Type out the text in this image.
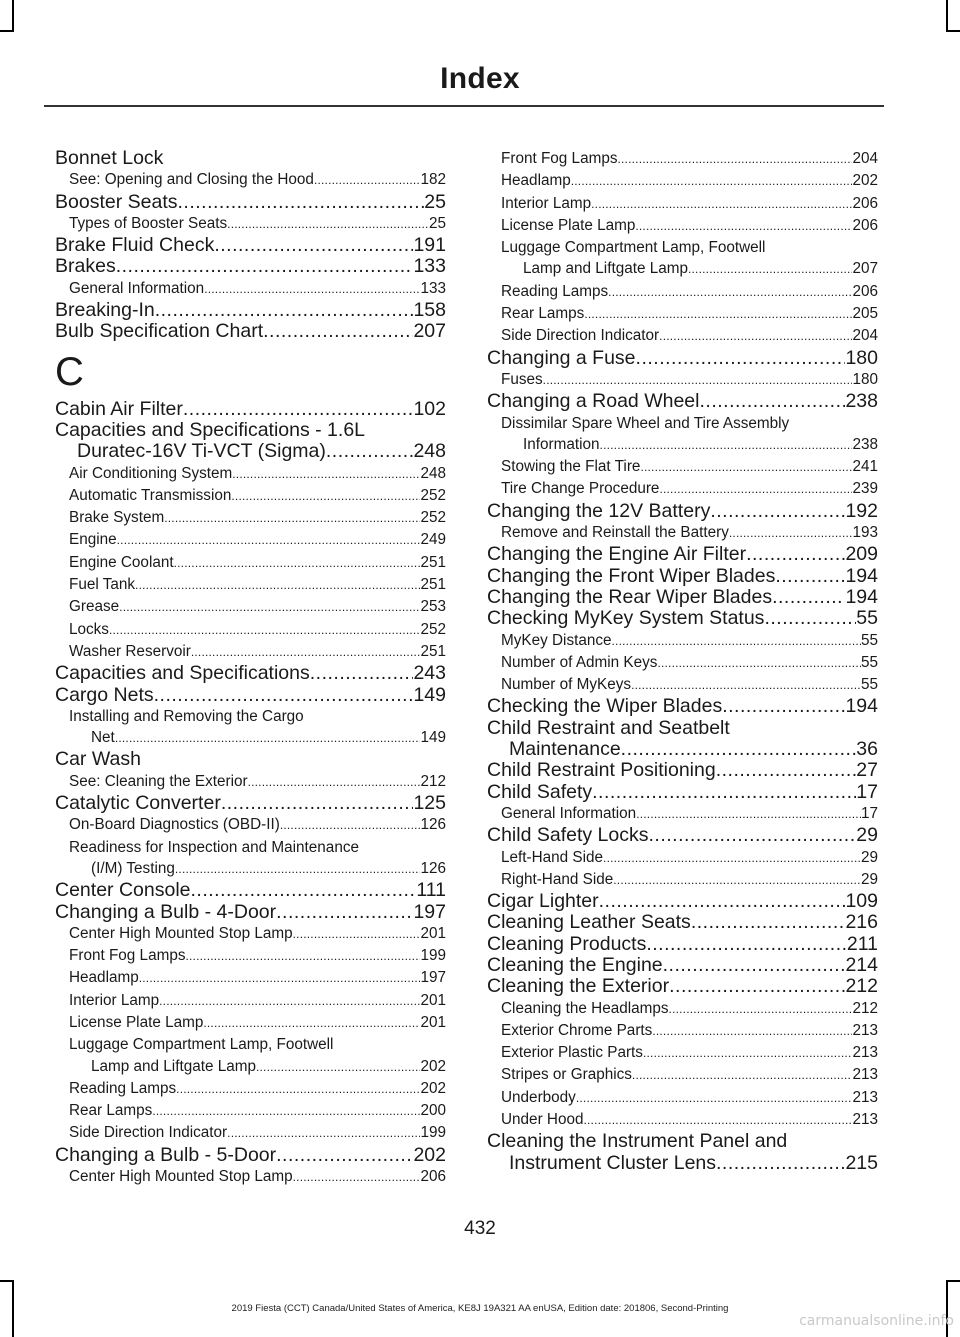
Index
Bonnet Lock
See: Opening and Closing the Hood .....	182
Booster Seats .....	25
Types of Booster Seats .....	25
Brake Fluid Check .....	191
Brakes .....	133
General Information .....	133
Breaking-In .....	158
Bulb Specification Chart .....	207
C
Cabin Air Filter .....	102
Capacities and Specifications - 1.6L
Duratec-16V Ti-VCT (Sigma) .....	248
Air Conditioning System .....	248
Automatic Transmission .....	252
Brake System .....	252
Engine .....	249
Engine Coolant .....	251
Fuel Tank .....	251
Grease .....	253
Locks .....	252
Washer Reservoir .....	251
Capacities and Specifications .....	243
Cargo Nets .....	149
Installing and Removing the Cargo
Net .....	149
Car Wash
See: Cleaning the Exterior .....	212
Catalytic Converter .....	125
On-Board Diagnostics (OBD-II) .....	126
Readiness for Inspection and Maintenance
(I/M) Testing .....	126
Center Console .....	111
Changing a Bulb - 4-Door .....	197
Center High Mounted Stop Lamp .....	201
Front Fog Lamps .....	199
Headlamp .....	197
Interior Lamp .....	201
License Plate Lamp .....	201
Luggage Compartment Lamp, Footwell
Lamp and Liftgate Lamp .....	202
Reading Lamps .....	202
Rear Lamps .....	200
Side Direction Indicator .....	199
Changing a Bulb - 5-Door .....	202
Center High Mounted Stop Lamp .....	206
Front Fog Lamps .....	204
Headlamp .....	202
Interior Lamp .....	206
License Plate Lamp .....	206
Luggage Compartment Lamp, Footwell
Lamp and Liftgate Lamp .....	207
Reading Lamps .....	206
Rear Lamps .....	205
Side Direction Indicator .....	204
Changing a Fuse .....	180
Fuses .....	180
Changing a Road Wheel .....	238
Dissimilar Spare Wheel and Tire Assembly
Information .....	238
Stowing the Flat Tire .....	241
Tire Change Procedure .....	239
Changing the 12V Battery .....	192
Remove and Reinstall the Battery .....	193
Changing the Engine Air Filter .....	209
Changing the Front Wiper Blades .....	194
Changing the Rear Wiper Blades .....	194
Checking MyKey System Status .....	55
MyKey Distance .....	55
Number of Admin Keys .....	55
Number of MyKeys .....	55
Checking the Wiper Blades .....	194
Child Restraint and Seatbelt
Maintenance .....	36
Child Restraint Positioning .....	27
Child Safety .....	17
General Information .....	17
Child Safety Locks .....	29
Left-Hand Side .....	29
Right-Hand Side .....	29
Cigar Lighter .....	109
Cleaning Leather Seats .....	216
Cleaning Products .....	211
Cleaning the Engine .....	214
Cleaning the Exterior .....	212
Cleaning the Headlamps .....	212
Exterior Chrome Parts .....	213
Exterior Plastic Parts .....	213
Stripes or Graphics .....	213
Underbody .....	213
Under Hood .....	213
Cleaning the Instrument Panel and
Instrument Cluster Lens .....	215
432
2019 Fiesta (CCT) Canada/United States of America, KE8J 19A321 AA enUSA, Edition date: 201806, Second-Printing
carmanualsonline.info
